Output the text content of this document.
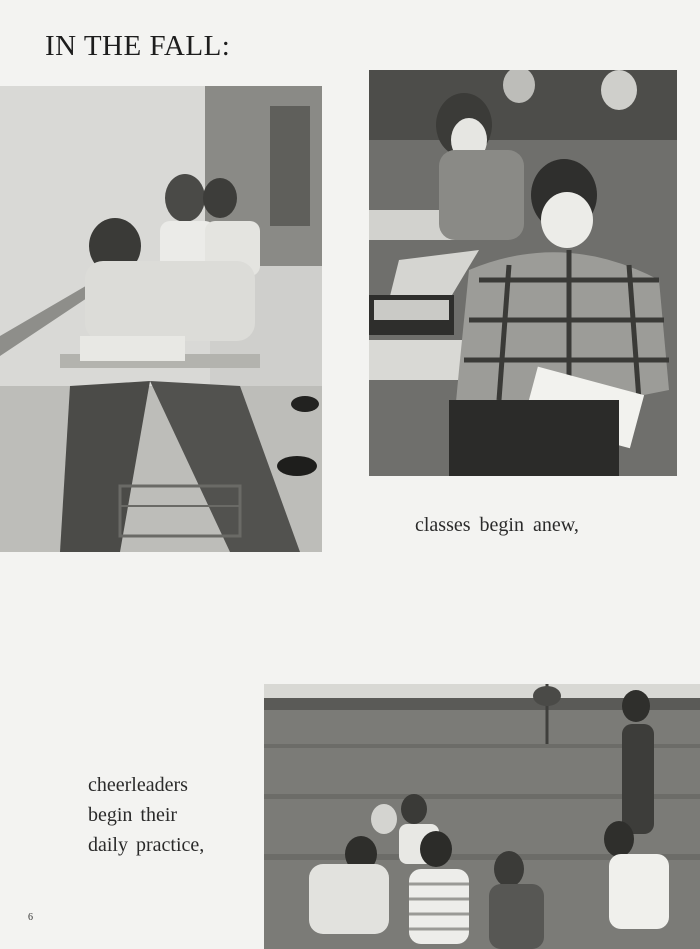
IN THE FALL:
classes begin anew,
cheerleaders
begin their
daily practice,
6
